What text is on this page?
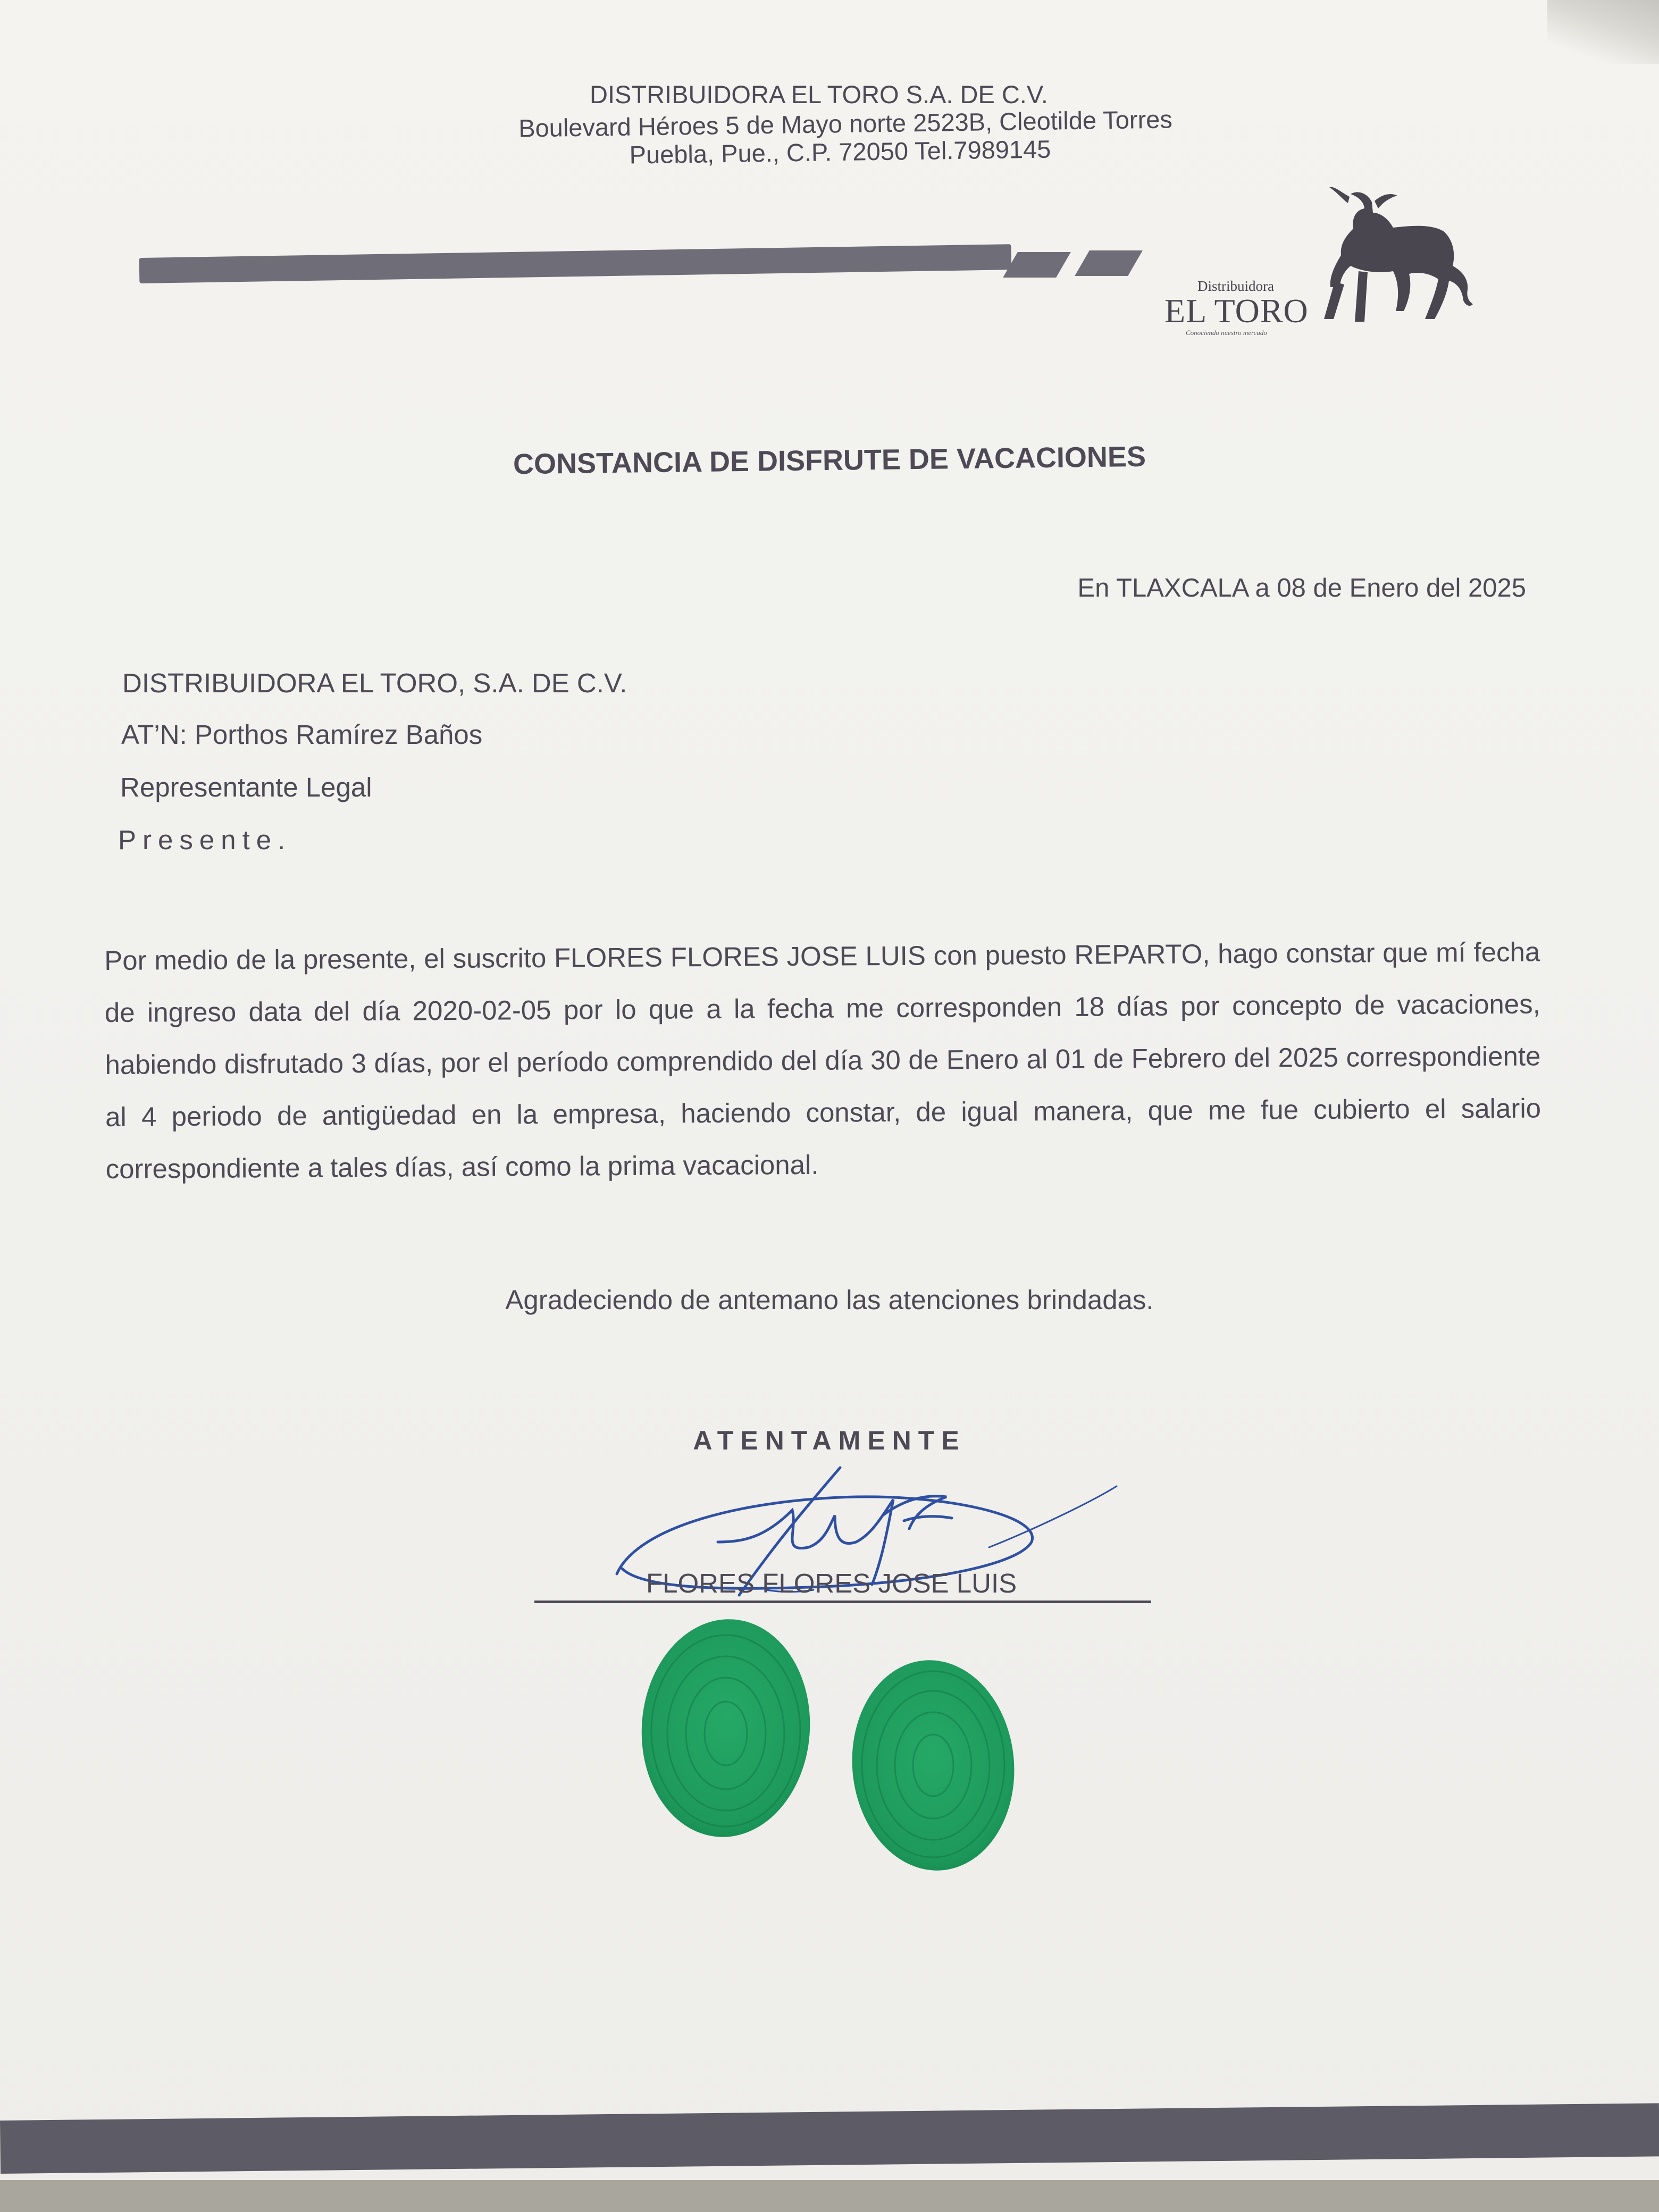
DISTRIBUIDORA EL TORO S.A. DE C.V.
Boulevard Héroes 5 de Mayo norte 2523B, Cleotilde Torres
Puebla, Pue., C.P. 72050 Tel.7989145
Distribuidora
EL TORO
Conociendo nuestro mercado
CONSTANCIA DE DISFRUTE DE VACACIONES
En TLAXCALA a 08 de Enero del 2025
DISTRIBUIDORA EL TORO, S.A. DE C.V.
AT’N: Porthos Ramírez Baños
Representante Legal
Presente.
Por medio de la presente, el suscrito FLORES FLORES JOSE LUIS con puesto REPARTO, hago constar que mí fecha de ingreso data del día 2020-02-05 por lo que a la fecha me corresponden 18 días por concepto de vacaciones, habiendo disfrutado 3 días, por el período comprendido del día 30 de Enero al 01 de Febrero del 2025 correspondiente al 4 periodo de antigüedad en la empresa, haciendo constar, de igual manera, que me fue cubierto el salario correspondiente a tales días, así como la prima vacacional.
Agradeciendo de antemano las atenciones brindadas.
ATENTAMENTE
FLORES FLORES JOSE LUIS
